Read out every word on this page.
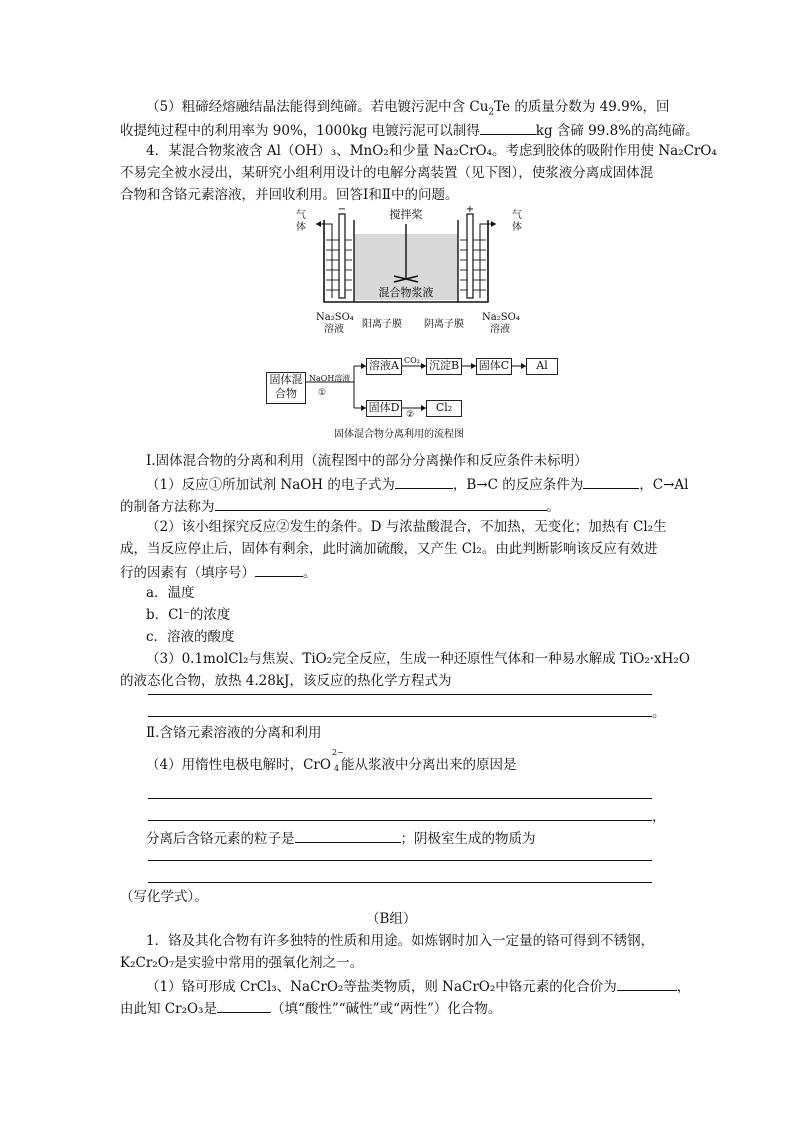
（5）粗碲经熔融结晶法能得到纯碲。若电镀污泥中含 $Cu_2Te$ 的质量分数为 49.9%，回
收提纯过程中的利用率为 90%，1000kg 电镀污泥可以制得	kg 含碲 99.8%的高纯碲。
4．某混合物浆液含 Al（OH）₃、MnO₂和少量 Na₂CrO₄。考虑到胶体的吸附作用使 Na₂CrO₄
不易完全被水浸出，某研究小组利用设计的电解分离装置（见下图），使浆液分离成固体混
合物和含铬元素溶液，并回收利用。回答Ⅰ和Ⅱ中的问题。
−	+
搅拌桨
混合物浆液
气体
气体
Na₂SO₄溶液
Na₂SO₄溶液
阳离子膜 阴离子膜
固体混合物
NaOH溶液
①
溶液A CO₂ 沉淀B 固体C	Al
固体D
②
Cl₂
固体混合物分离利用的流程图
Ⅰ.固体混合物的分离和利用（流程图中的部分分离操作和反应条件未标明）
（1）反应①所加试剂 NaOH 的电子式为	，B→C 的反应条件为	，C→Al
的制备方法称为	。
（2）该小组探究反应②发生的条件。D 与浓盐酸混合，不加热，无变化；加热有 Cl₂生
成，当反应停止后，固体有剩余，此时滴加硫酸，又产生 Cl₂。由此判断影响该反应有效进
行的因素有（填序号）	。
a．温度
b．Cl⁻的浓度
c．溶液的酸度
（3）0.1molCl₂与焦炭、TiO₂完全反应，生成一种还原性气体和一种易水解成 TiO₂·xH₂O
的液态化合物，放热 4.28kJ，该反应的热化学方程式为
。
Ⅱ.含铬元素溶液的分离和利用
（4）用惰性电极电解时，CrO
2−
4 能从浆液中分离出来的原因是
，
分离后含铬元素的粒子是	；阴极室生成的物质为
（写化学式）。
（B组）
1．铬及其化合物有许多独特的性质和用途。如炼钢时加入一定量的铬可得到不锈钢，
K₂Cr₂O₇是实验中常用的强氧化剂之一。
（1）铬可形成 CrCl₃、NaCrO₂等盐类物质，则 NaCrO₂中铬元素的化合价为	，
由此知 Cr₂O₃是	（填“酸性”“碱性”或“两性”）化合物。
